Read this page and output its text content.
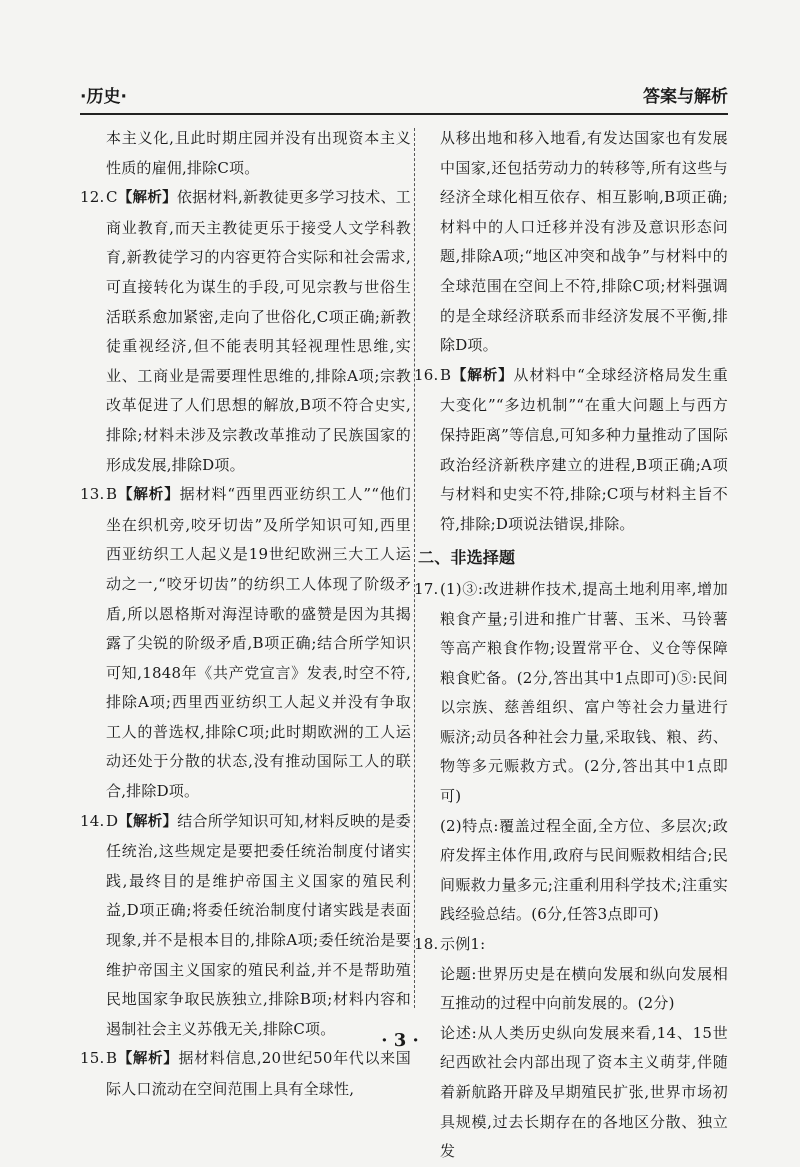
·历史·	答案与解析

本主义化,且此时期庄园并没有出现资本主义性质的雇佣,排除C项。

12. C【解析】依据材料,新教徒更多学习技术、工商业教育,而天主教徒更乐于接受人文学科教育,新教徒学习的内容更符合实际和社会需求,可直接转化为谋生的手段,可见宗教与世俗生活联系愈加紧密,走向了世俗化,C项正确;新教徒重视经济,但不能表明其轻视理性思维,实业、工商业是需要理性思维的,排除A项;宗教改革促进了人们思想的解放,B项不符合史实,排除;材料未涉及宗教改革推动了民族国家的形成发展,排除D项。

13. B【解析】据材料“西里西亚纺织工人”“他们坐在织机旁,咬牙切齿”及所学知识可知,西里西亚纺织工人起义是19世纪欧洲三大工人运动之一,“咬牙切齿”的纺织工人体现了阶级矛盾,所以恩格斯对海涅诗歌的盛赞是因为其揭露了尖锐的阶级矛盾,B项正确;结合所学知识可知,1848年《共产党宣言》发表,时空不符,排除A项;西里西亚纺织工人起义并没有争取工人的普选权,排除C项;此时期欧洲的工人运动还处于分散的状态,没有推动国际工人的联合,排除D项。

14. D【解析】结合所学知识可知,材料反映的是委任统治,这些规定是要把委任统治制度付诸实践,最终目的是维护帝国主义国家的殖民利益,D项正确;将委任统治制度付诸实践是表面现象,并不是根本目的,排除A项;委任统治是要维护帝国主义国家的殖民利益,并不是帮助殖民地国家争取民族独立,排除B项;材料内容和遏制社会主义苏俄无关,排除C项。

15. B【解析】据材料信息,20世纪50年代以来国际人口流动在空间范围上具有全球性,

从移出地和移入地看,有发达国家也有发展中国家,还包括劳动力的转移等,所有这些与经济全球化相互依存、相互影响,B项正确;材料中的人口迁移并没有涉及意识形态问题,排除A项;“地区冲突和战争”与材料中的全球范围在空间上不符,排除C项;材料强调的是全球经济联系而非经济发展不平衡,排除D项。

16. B【解析】从材料中“全球经济格局发生重大变化”“多边机制”“在重大问题上与西方保持距离”等信息,可知多种力量推动了国际政治经济新秩序建立的进程,B项正确;A项与材料和史实不符,排除;C项与材料主旨不符,排除;D项说法错误,排除。

二、非选择题
17. (1)③:改进耕作技术,提高土地利用率,增加粮食产量;引进和推广甘薯、玉米、马铃薯等高产粮食作物;设置常平仓、义仓等保障粮食贮备。(2分,答出其中1点即可)⑤:民间以宗族、慈善组织、富户等社会力量进行赈济;动员各种社会力量,采取钱、粮、药、物等多元赈救方式。(2分,答出其中1点即可)

(2)特点:覆盖过程全面,全方位、多层次;政府发挥主体作用,政府与民间赈救相结合;民间赈救力量多元;注重利用科学技术;注重实践经验总结。(6分,任答3点即可)

18. 示例1:

论题:世界历史是在横向发展和纵向发展相互推动的过程中向前发展的。(2分)

论述:从人类历史纵向发展来看,14、15世纪西欧社会内部出现了资本主义萌芽,伴随着新航路开辟及早期殖民扩张,世界市场初具规模,过去长期存在的各地区分散、独立发

· 3 ·
